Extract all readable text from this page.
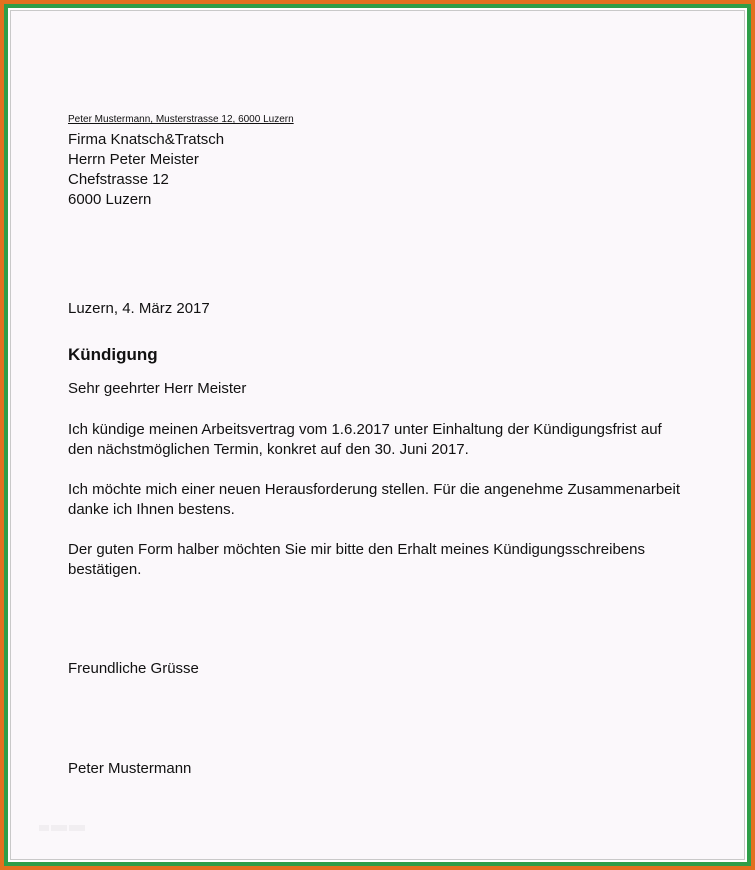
Peter Mustermann, Musterstrasse 12, 6000 Luzern
Firma Knatsch&Tratsch
Herrn Peter Meister
Chefstrasse 12
6000 Luzern
Luzern, 4. März 2017
Kündigung
Sehr geehrter Herr Meister
Ich kündige meinen Arbeitsvertrag vom 1.6.2017 unter Einhaltung der Kündigungsfrist auf den nächstmöglichen Termin, konkret auf den 30. Juni 2017.
Ich möchte mich einer neuen Herausforderung stellen. Für die angenehme Zusammenarbeit danke ich Ihnen bestens.
Der guten Form halber möchten Sie mir bitte den Erhalt meines Kündigungsschreibens bestätigen.
Freundliche Grüsse
Peter Mustermann
